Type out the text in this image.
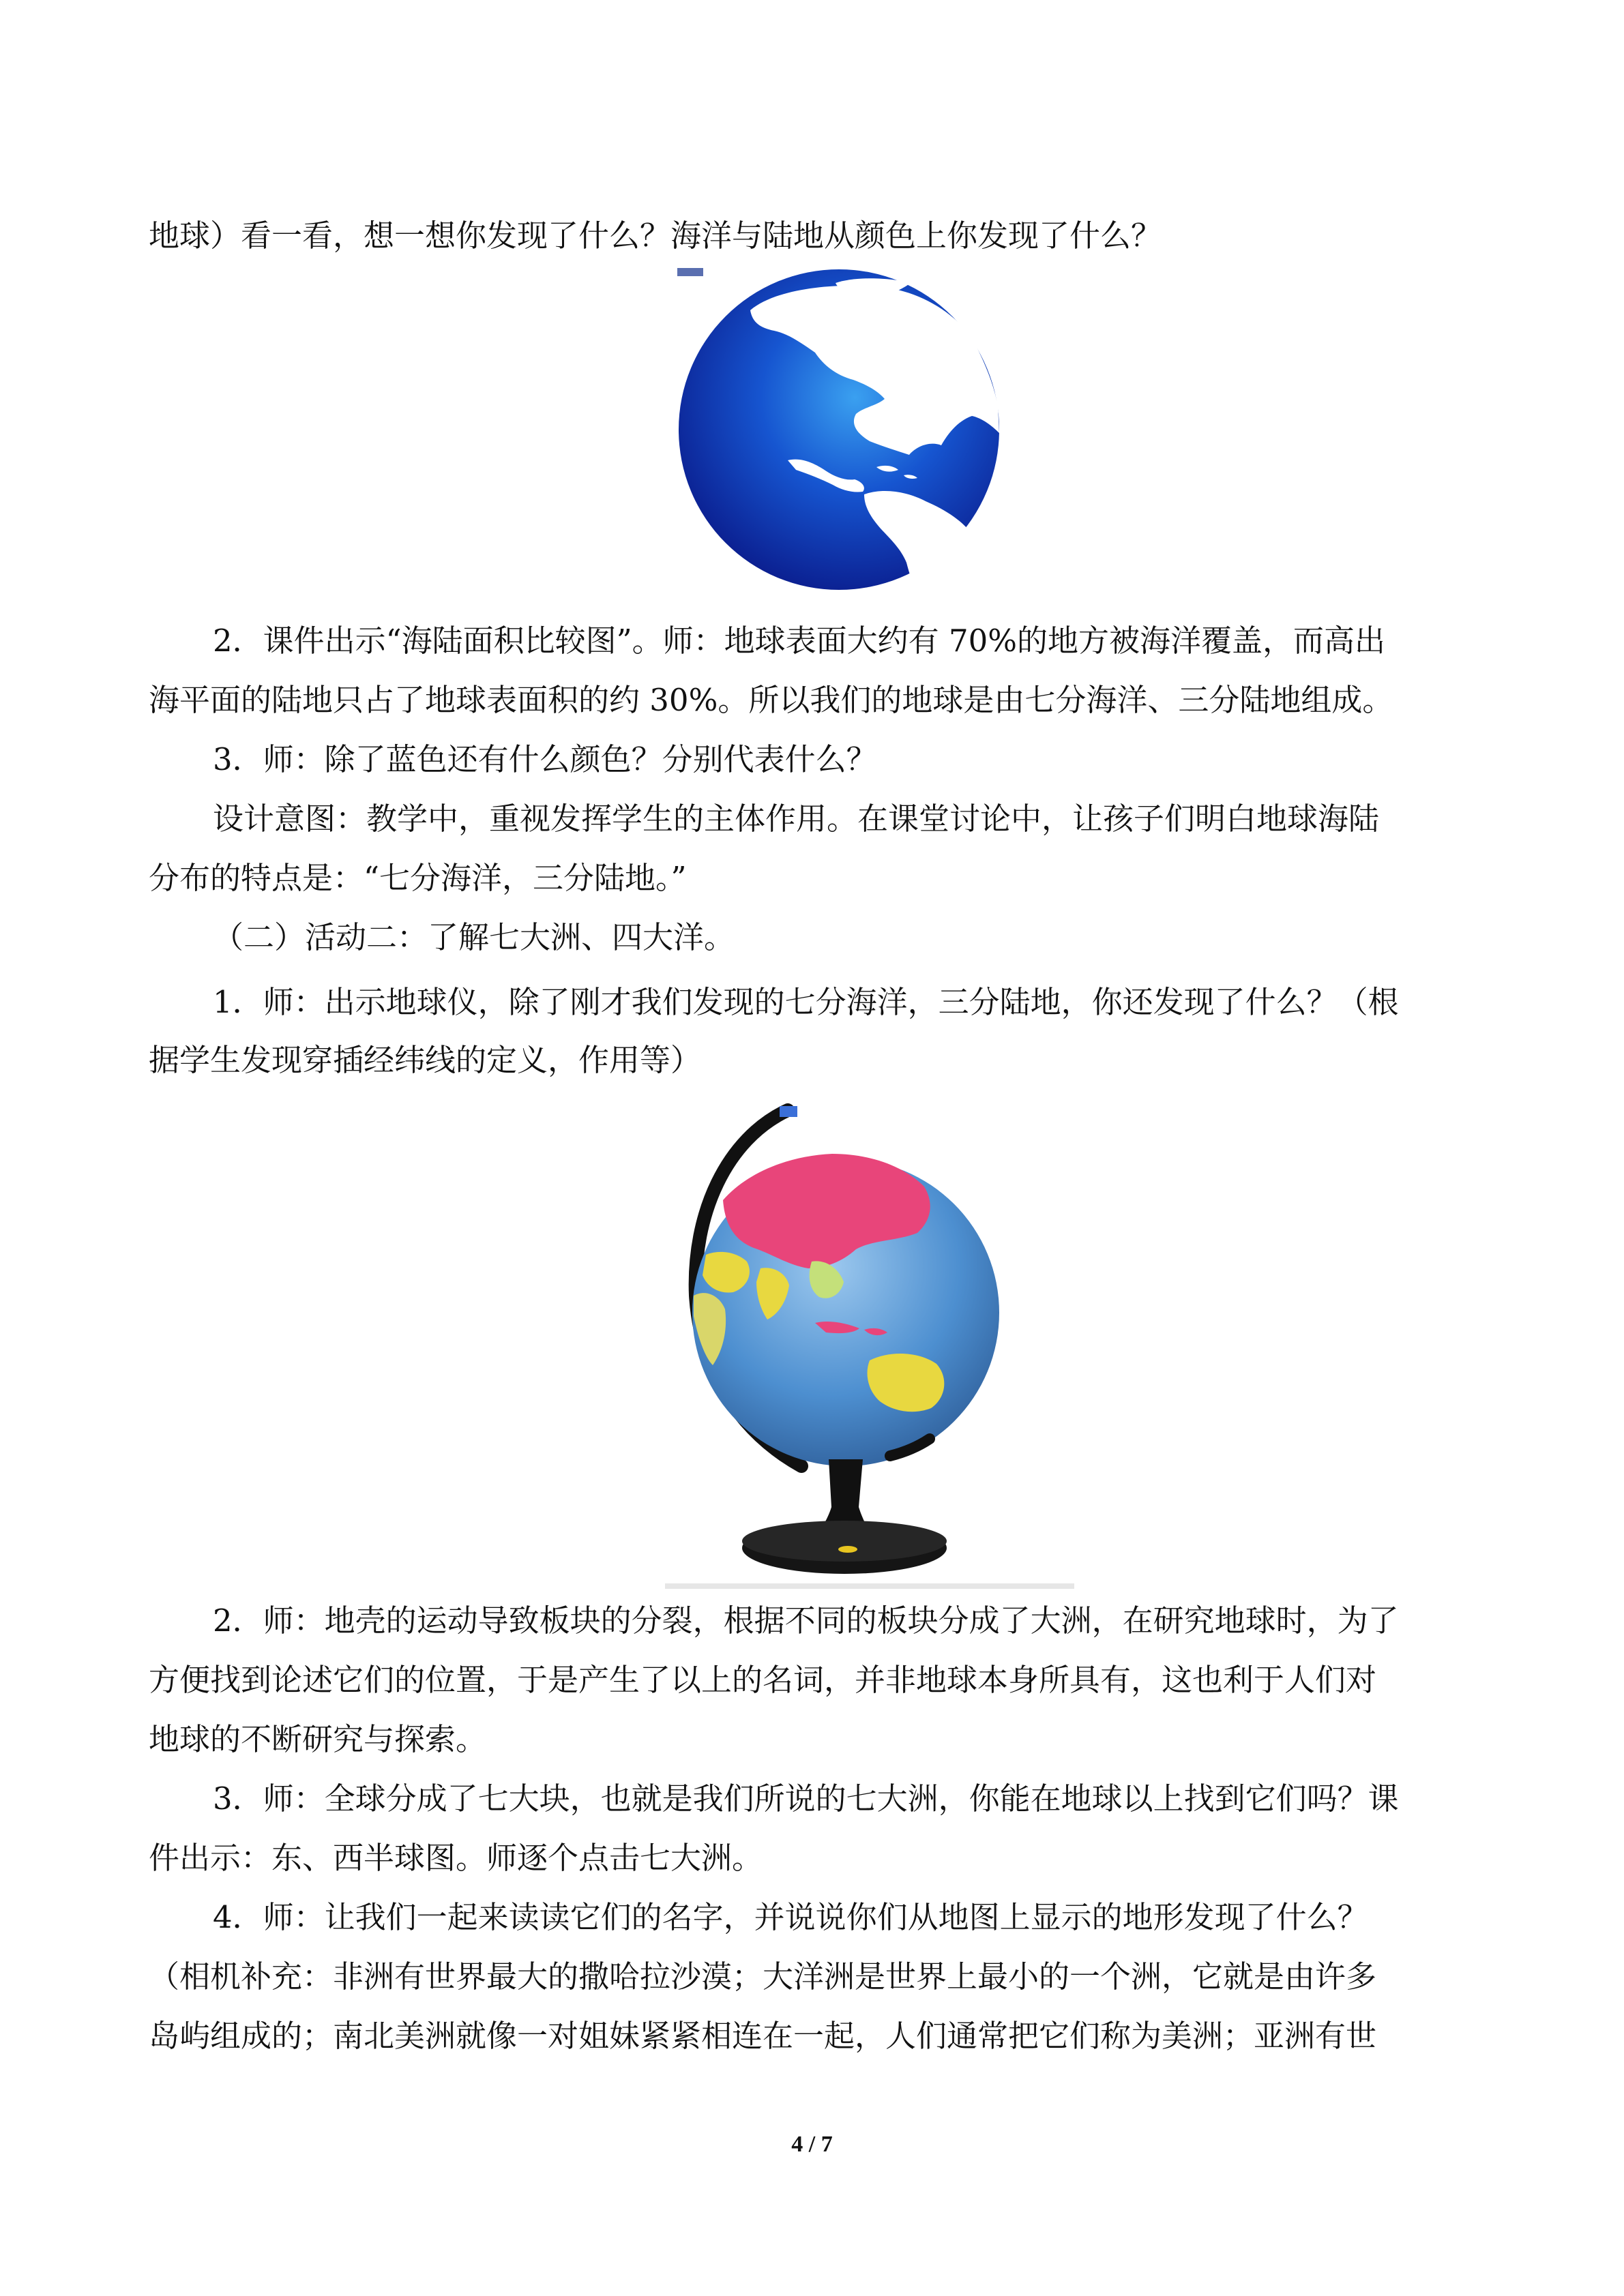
地球）看一看，想一想你发现了什么？海洋与陆地从颜色上你发现了什么？
2．课件出示“海陆面积比较图”。师：地球表面大约有 70%的地方被海洋覆盖，而高出
海平面的陆地只占了地球表面积的约 30%。所以我们的地球是由七分海洋、三分陆地组成。
3．师：除了蓝色还有什么颜色？分别代表什么？
设计意图：教学中，重视发挥学生的主体作用。在课堂讨论中，让孩子们明白地球海陆
分布的特点是：“七分海洋，三分陆地。”
（二）活动二：了解七大洲、四大洋。
1．师：出示地球仪，除了刚才我们发现的七分海洋，三分陆地，你还发现了什么？（根
据学生发现穿插经纬线的定义，作用等）
2．师：地壳的运动导致板块的分裂，根据不同的板块分成了大洲，在研究地球时，为了
方便找到论述它们的位置，于是产生了以上的名词，并非地球本身所具有，这也利于人们对
地球的不断研究与探索。
3．师：全球分成了七大块，也就是我们所说的七大洲，你能在地球以上找到它们吗？课
件出示：东、西半球图。师逐个点击七大洲。
4．师：让我们一起来读读它们的名字，并说说你们从地图上显示的地形发现了什么？
（相机补充：非洲有世界最大的撒哈拉沙漠；大洋洲是世界上最小的一个洲，它就是由许多
岛屿组成的；南北美洲就像一对姐妹紧紧相连在一起，人们通常把它们称为美洲；亚洲有世
4 / 7
